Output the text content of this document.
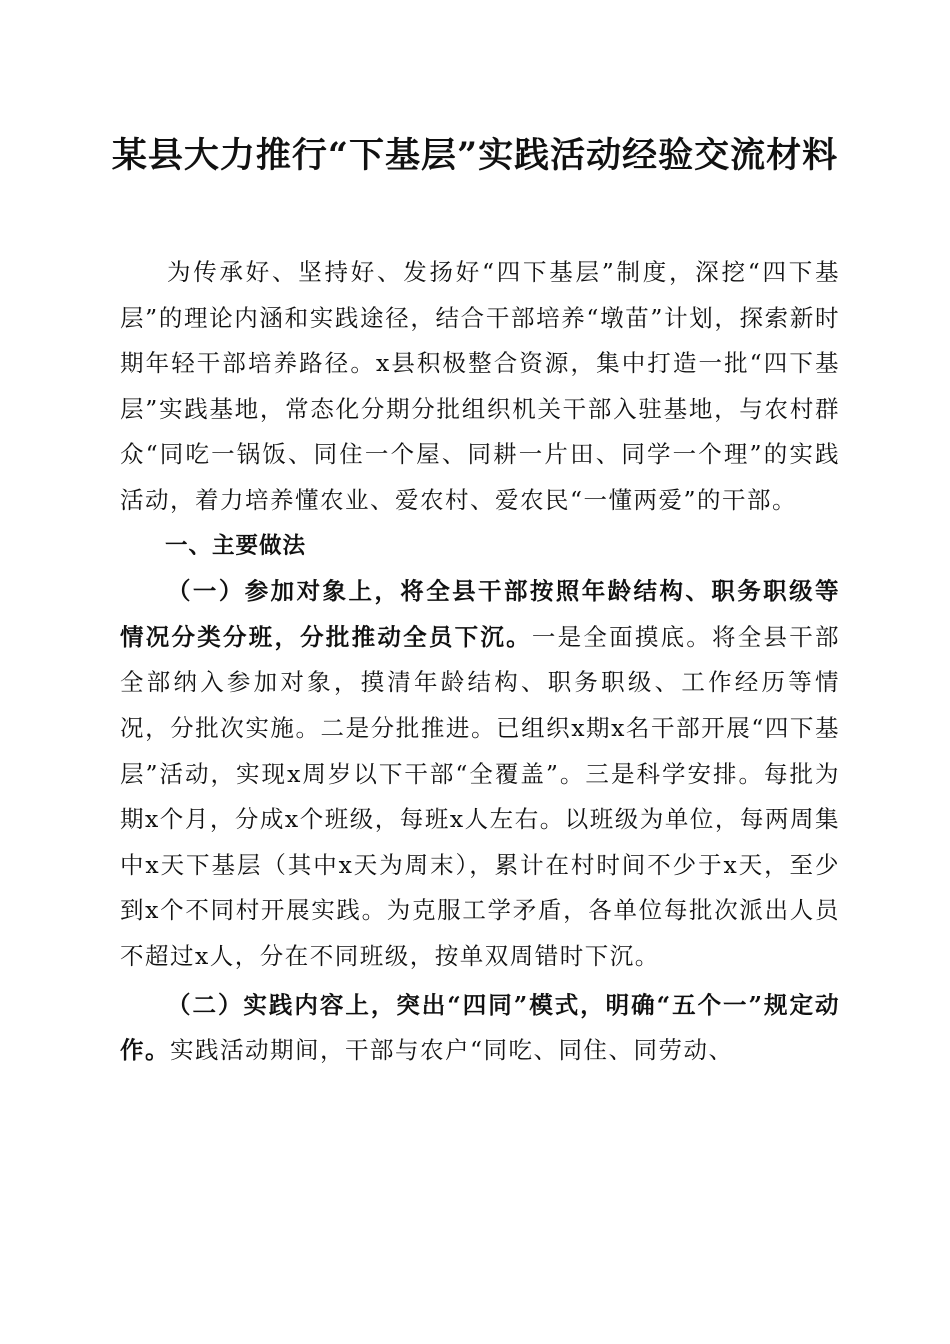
某县大力推行“下基层”实践活动经验交流材料

为传承好、坚持好、发扬好“四下基层”制度，深挖“四下基层”的理论内涵和实践途径，结合干部培养“墩苗”计划，探索新时期年轻干部培养路径。x县积极整合资源，集中打造一批“四下基层”实践基地，常态化分期分批组织机关干部入驻基地，与农村群众“同吃一锅饭、同住一个屋、同耕一片田、同学一个理”的实践活动，着力培养懂农业、爱农村、爱农民“一懂两爱”的干部。

一、主要做法

（一）参加对象上，将全县干部按照年龄结构、职务职级等情况分类分班，分批推动全员下沉。一是全面摸底。将全县干部全部纳入参加对象，摸清年龄结构、职务职级、工作经历等情况，分批次实施。二是分批推进。已组织x期x名干部开展“四下基层”活动，实现x周岁以下干部“全覆盖”。三是科学安排。每批为期x个月，分成x个班级，每班x人左右。以班级为单位，每两周集中x天下基层（其中x天为周末），累计在村时间不少于x天，至少到x个不同村开展实践。为克服工学矛盾，各单位每批次派出人员不超过x人，分在不同班级，按单双周错时下沉。

（二）实践内容上，突出“四同”模式，明确“五个一”规定动作。实践活动期间，干部与农户“同吃、同住、同劳动、
